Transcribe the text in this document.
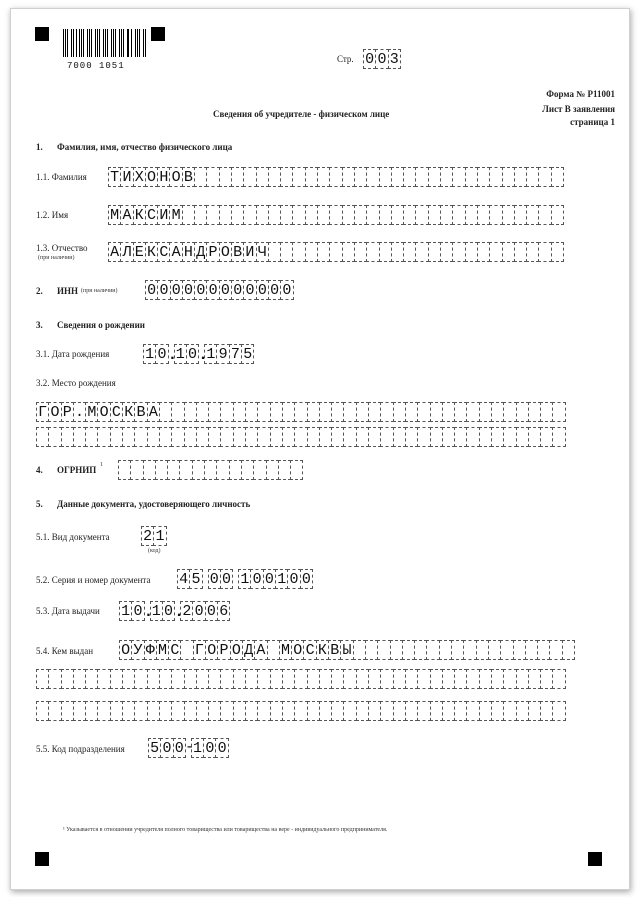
7000 1051
Стр. 0 0 3
Форма № Р11001
Лист В заявления
страница 1
Сведения об учредителе - физическом лице
1. Фамилия, имя, отчество физического лица
1.1. Фамилия Т И Х О Н О В
1.2. Имя	М А К С И М
1.3. Отчество
(при наличии) А Л Е К С А Н Д Р О В И Ч
2. ИНН (при наличии) 0 0 0 0 0 0 0 0 0 0 0 0
3. Сведения о рождении
3.1. Дата рождения 1 0 .
1 0 .
1 9 7 5
3.2. Место рождения
Г О Р . М О С К В А
4. ОГРНИП 1
5. Данные документа, удостоверяющего личность
5.1. Вид документа 2 1
(код)
5.2. Серия и номер документа 4 5 0 0 1 0 0 1 0 0
5.3. Дата выдачи 1 0 .
1 0 .
2 0 0 6
5.4. Кем выдан О У Ф М С Г О Р О Д А М О С К В Ы
5.5. Код подразделения 5 0 0 -
1 0 0
¹ Указывается в отношении учредителя полного товарищества или товарищества на вере - индивидуального предпринимателя.
